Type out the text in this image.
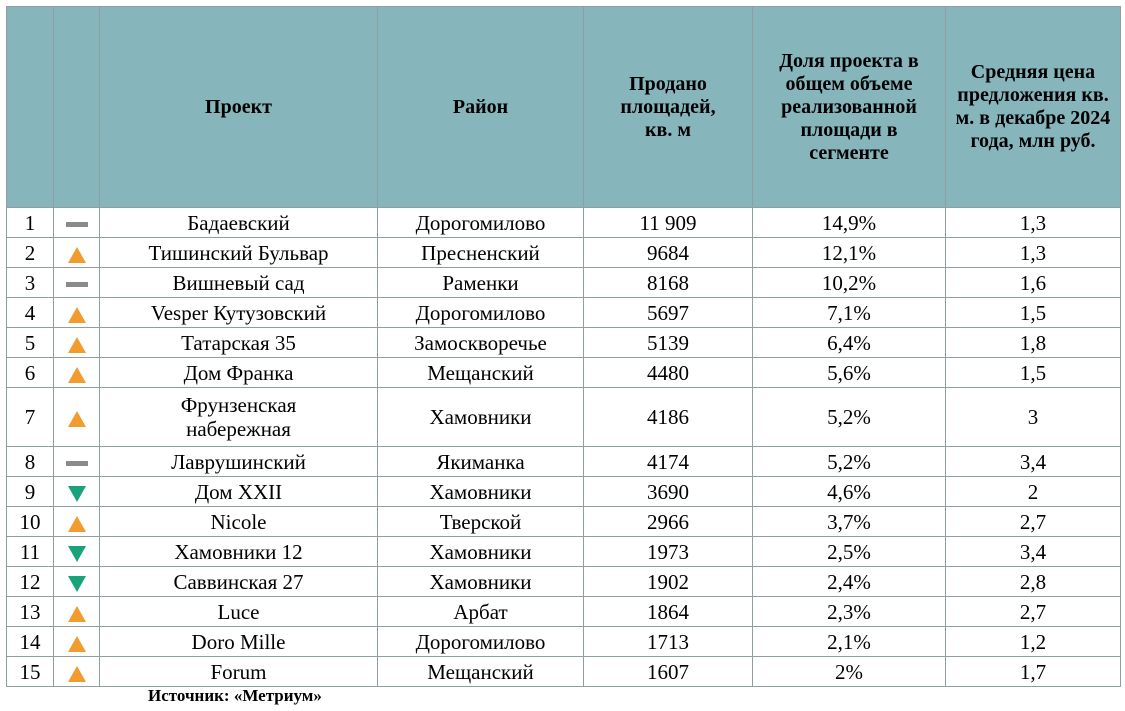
		Проект	Район	Продано площадей, кв. м	Доля проекта в общем объеме реализованной площади в сегменте	Средняя цена предложения кв. м. в декабре 2024 года, млн руб.
1		Бадаевский	Дорогомилово	11 909	14,9%	1,3
2		Тишинский Бульвар	Пресненский	9684	12,1%	1,3
3		Вишневый сад	Раменки	8168	10,2%	1,6
4		Vesper Кутузовский	Дорогомилово	5697	7,1%	1,5
5		Татарская 35	Замоскворечье	5139	6,4%	1,8
6		Дом Франка	Мещанский	4480	5,6%	1,5
7		Фрунзенская набережная	Хамовники	4186	5,2%	3
8		Лаврушинский	Якиманка	4174	5,2%	3,4
9		Дом XXII	Хамовники	3690	4,6%	2
10		Nicole	Тверской	2966	3,7%	2,7
11		Хамовники 12	Хамовники	1973	2,5%	3,4
12		Саввинская 27	Хамовники	1902	2,4%	2,8
13		Luce	Арбат	1864	2,3%	2,7
14		Doro Mille	Дорогомилово	1713	2,1%	1,2
15		Forum	Мещанский	1607	2%	1,7
Источник: «Метриум»
